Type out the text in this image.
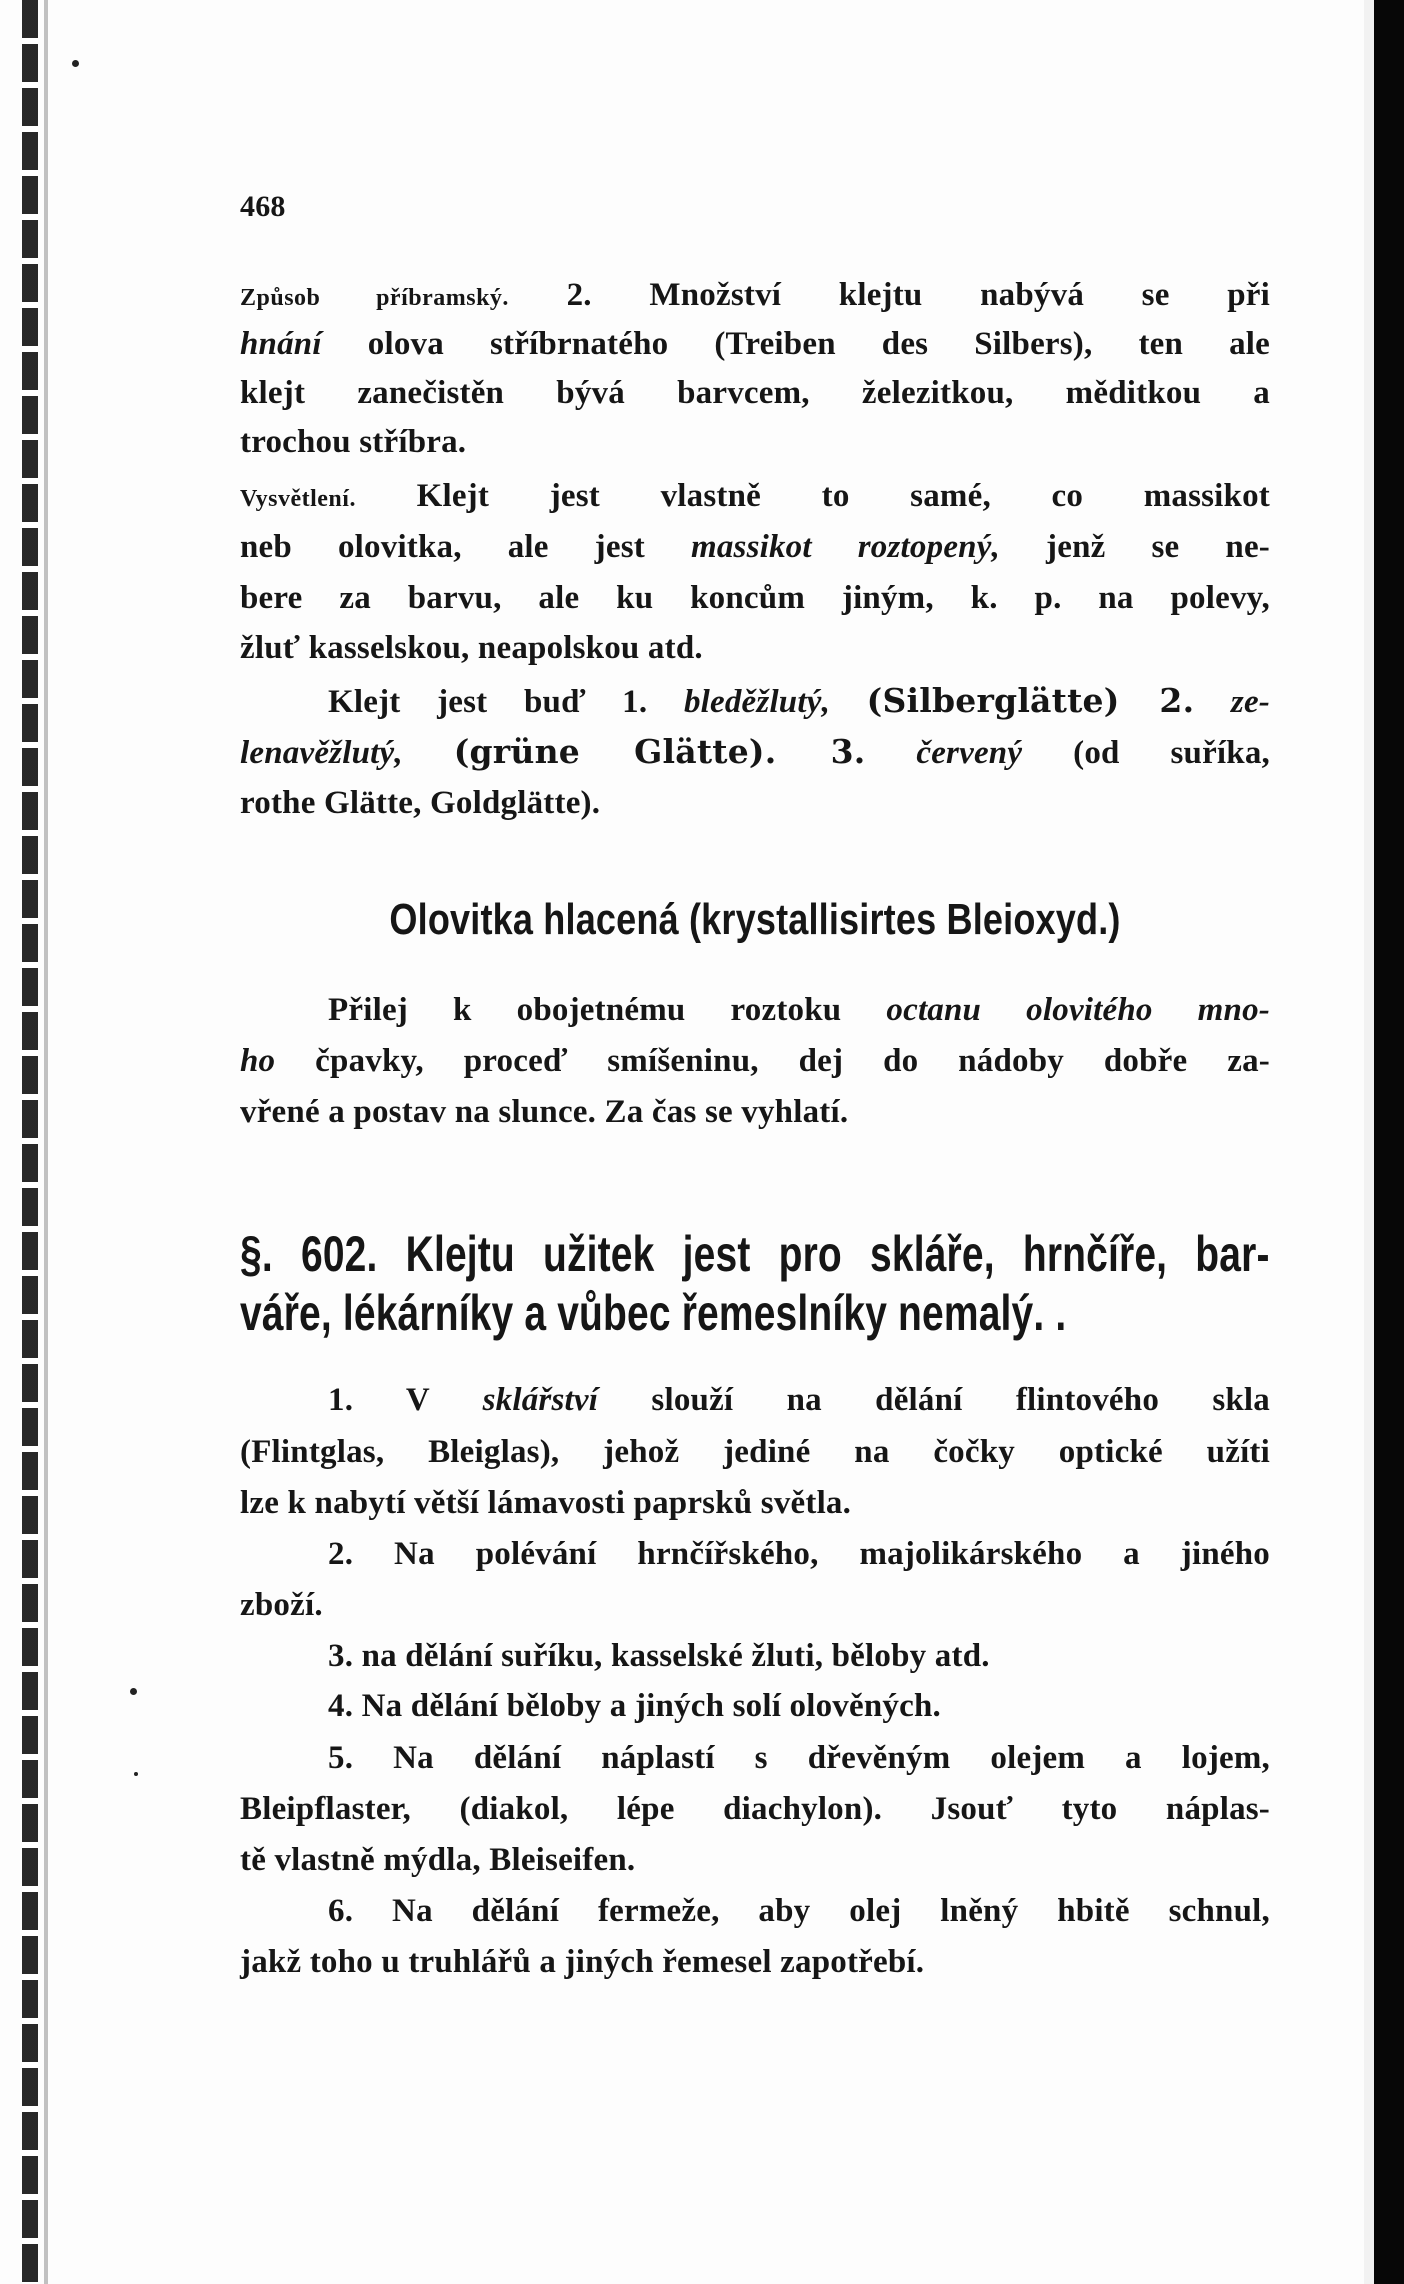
468
Způsob příbramský. 2. Množství klejtu nabývá se při
hnání olova stříbrnatého (Treiben des Silbers), ten ale
klejt zanečistěn bývá barvcem, železitkou, měditkou a
trochou stříbra.
Vysvětlení. Klejt jest vlastně to samé, co massikot
neb olovitka, ale jest massikot roztopený, jenž se ne-
bere za barvu, ale ku koncům jiným, k. p. na polevy,
žluť kasselskou, neapolskou atd.
Klejt jest buď 1. bleděžlutý, (Silberglätte) 2. ze-
lenavěžlutý, (grüne Glätte). 3. červený (od suříka,
rothe Glätte, Goldglätte).
Olovitka hlacená (krystallisirtes Bleioxyd.)
Přilej k obojetnému roztoku octanu olovitého mno-
ho čpavky, proceď smíšeninu, dej do nádoby dobře za-
vřené a postav na slunce. Za čas se vyhlatí.
§. 602. Klejtu užitek jest pro skláře, hrnčíře, bar-
váře, lékárníky a vůbec řemeslníky nemalý. .
1. V sklářství slouží na dělání flintového skla
(Flintglas, Bleiglas), jehož jediné na čočky optické užíti
lze k nabytí větší lámavosti paprsků světla.
2. Na polévání hrnčířského, majolikárského a jiného
zboží.
3. na dělání suříku, kasselské žluti, běloby atd.
4. Na dělání běloby a jiných solí olověných.
5. Na dělání náplastí s dřevěným olejem a lojem,
Bleipflaster, (diakol, lépe diachylon). Jsouť tyto náplas-
tě vlastně mýdla, Bleiseifen.
6. Na dělání fermeže, aby olej lněný hbitě schnul,
jakž toho u truhlářů a jiných řemesel zapotřebí.
